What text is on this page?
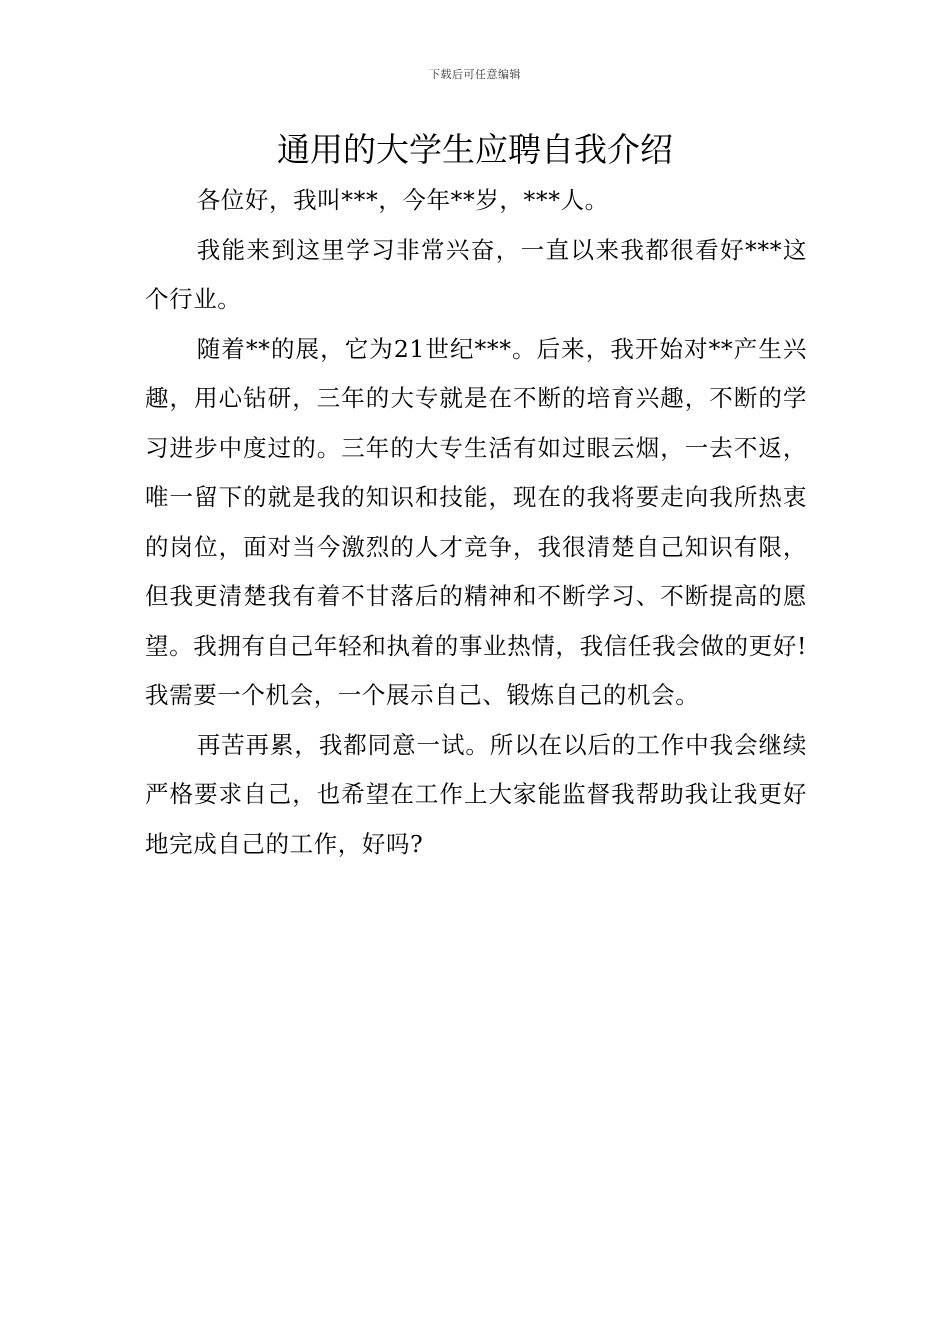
下载后可任意编辑
通用的大学生应聘自我介绍

各位好，我叫***，今年**岁，***人。

我能来到这里学习非常兴奋，一直以来我都很看好***这个行业。

随着**的展，它为21世纪***。后来，我开始对**产生兴趣，用心钻研，三年的大专就是在不断的培育兴趣，不断的学习进步中度过的。三年的大专生活有如过眼云烟，一去不返，唯一留下的就是我的知识和技能，现在的我将要走向我所热衷的岗位，面对当今激烈的人才竞争，我很清楚自己知识有限，但我更清楚我有着不甘落后的精神和不断学习、不断提高的愿望。我拥有自己年轻和执着的事业热情，我信任我会做的更好!我需要一个机会，一个展示自己、锻炼自己的机会。

再苦再累，我都同意一试。所以在以后的工作中我会继续严格要求自己，也希望在工作上大家能监督我帮助我让我更好地完成自己的工作，好吗?
